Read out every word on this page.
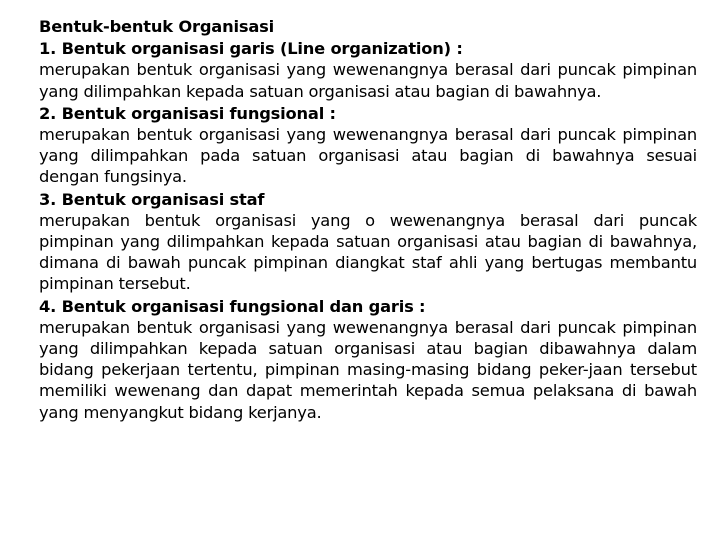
Bentuk-bentuk Organisasi
1. Bentuk organisasi garis (Line organization) :
merupakan bentuk organisasi yang wewenangnya berasal dari puncak pimpinan yang dilimpahkan kepada satuan organisasi atau bagian di bawahnya.
2. Bentuk organisasi fungsional :
merupakan bentuk organisasi yang wewenangnya berasal dari puncak pimpinan yang dilimpahkan pada satuan organisasi atau bagian di bawahnya sesuai dengan fungsinya.
3. Bentuk organisasi staf
merupakan bentuk organisasi yang o wewenangnya berasal dari puncak pimpinan yang dilimpahkan kepada satuan organisasi atau bagian di bawahnya, dimana di bawah puncak pimpinan diangkat staf ahli yang bertugas membantu pimpinan tersebut.
4. Bentuk organisasi fungsional dan garis :
merupakan bentuk organisasi yang wewenangnya berasal dari puncak pimpinan yang dilimpahkan kepada satuan organisasi atau bagian dibawahnya dalam bidang pekerjaan tertentu, pimpinan masing-masing bidang peker-jaan tersebut memiliki wewenang dan dapat memerintah kepada semua pelaksana di bawah yang menyangkut bidang kerjanya.
